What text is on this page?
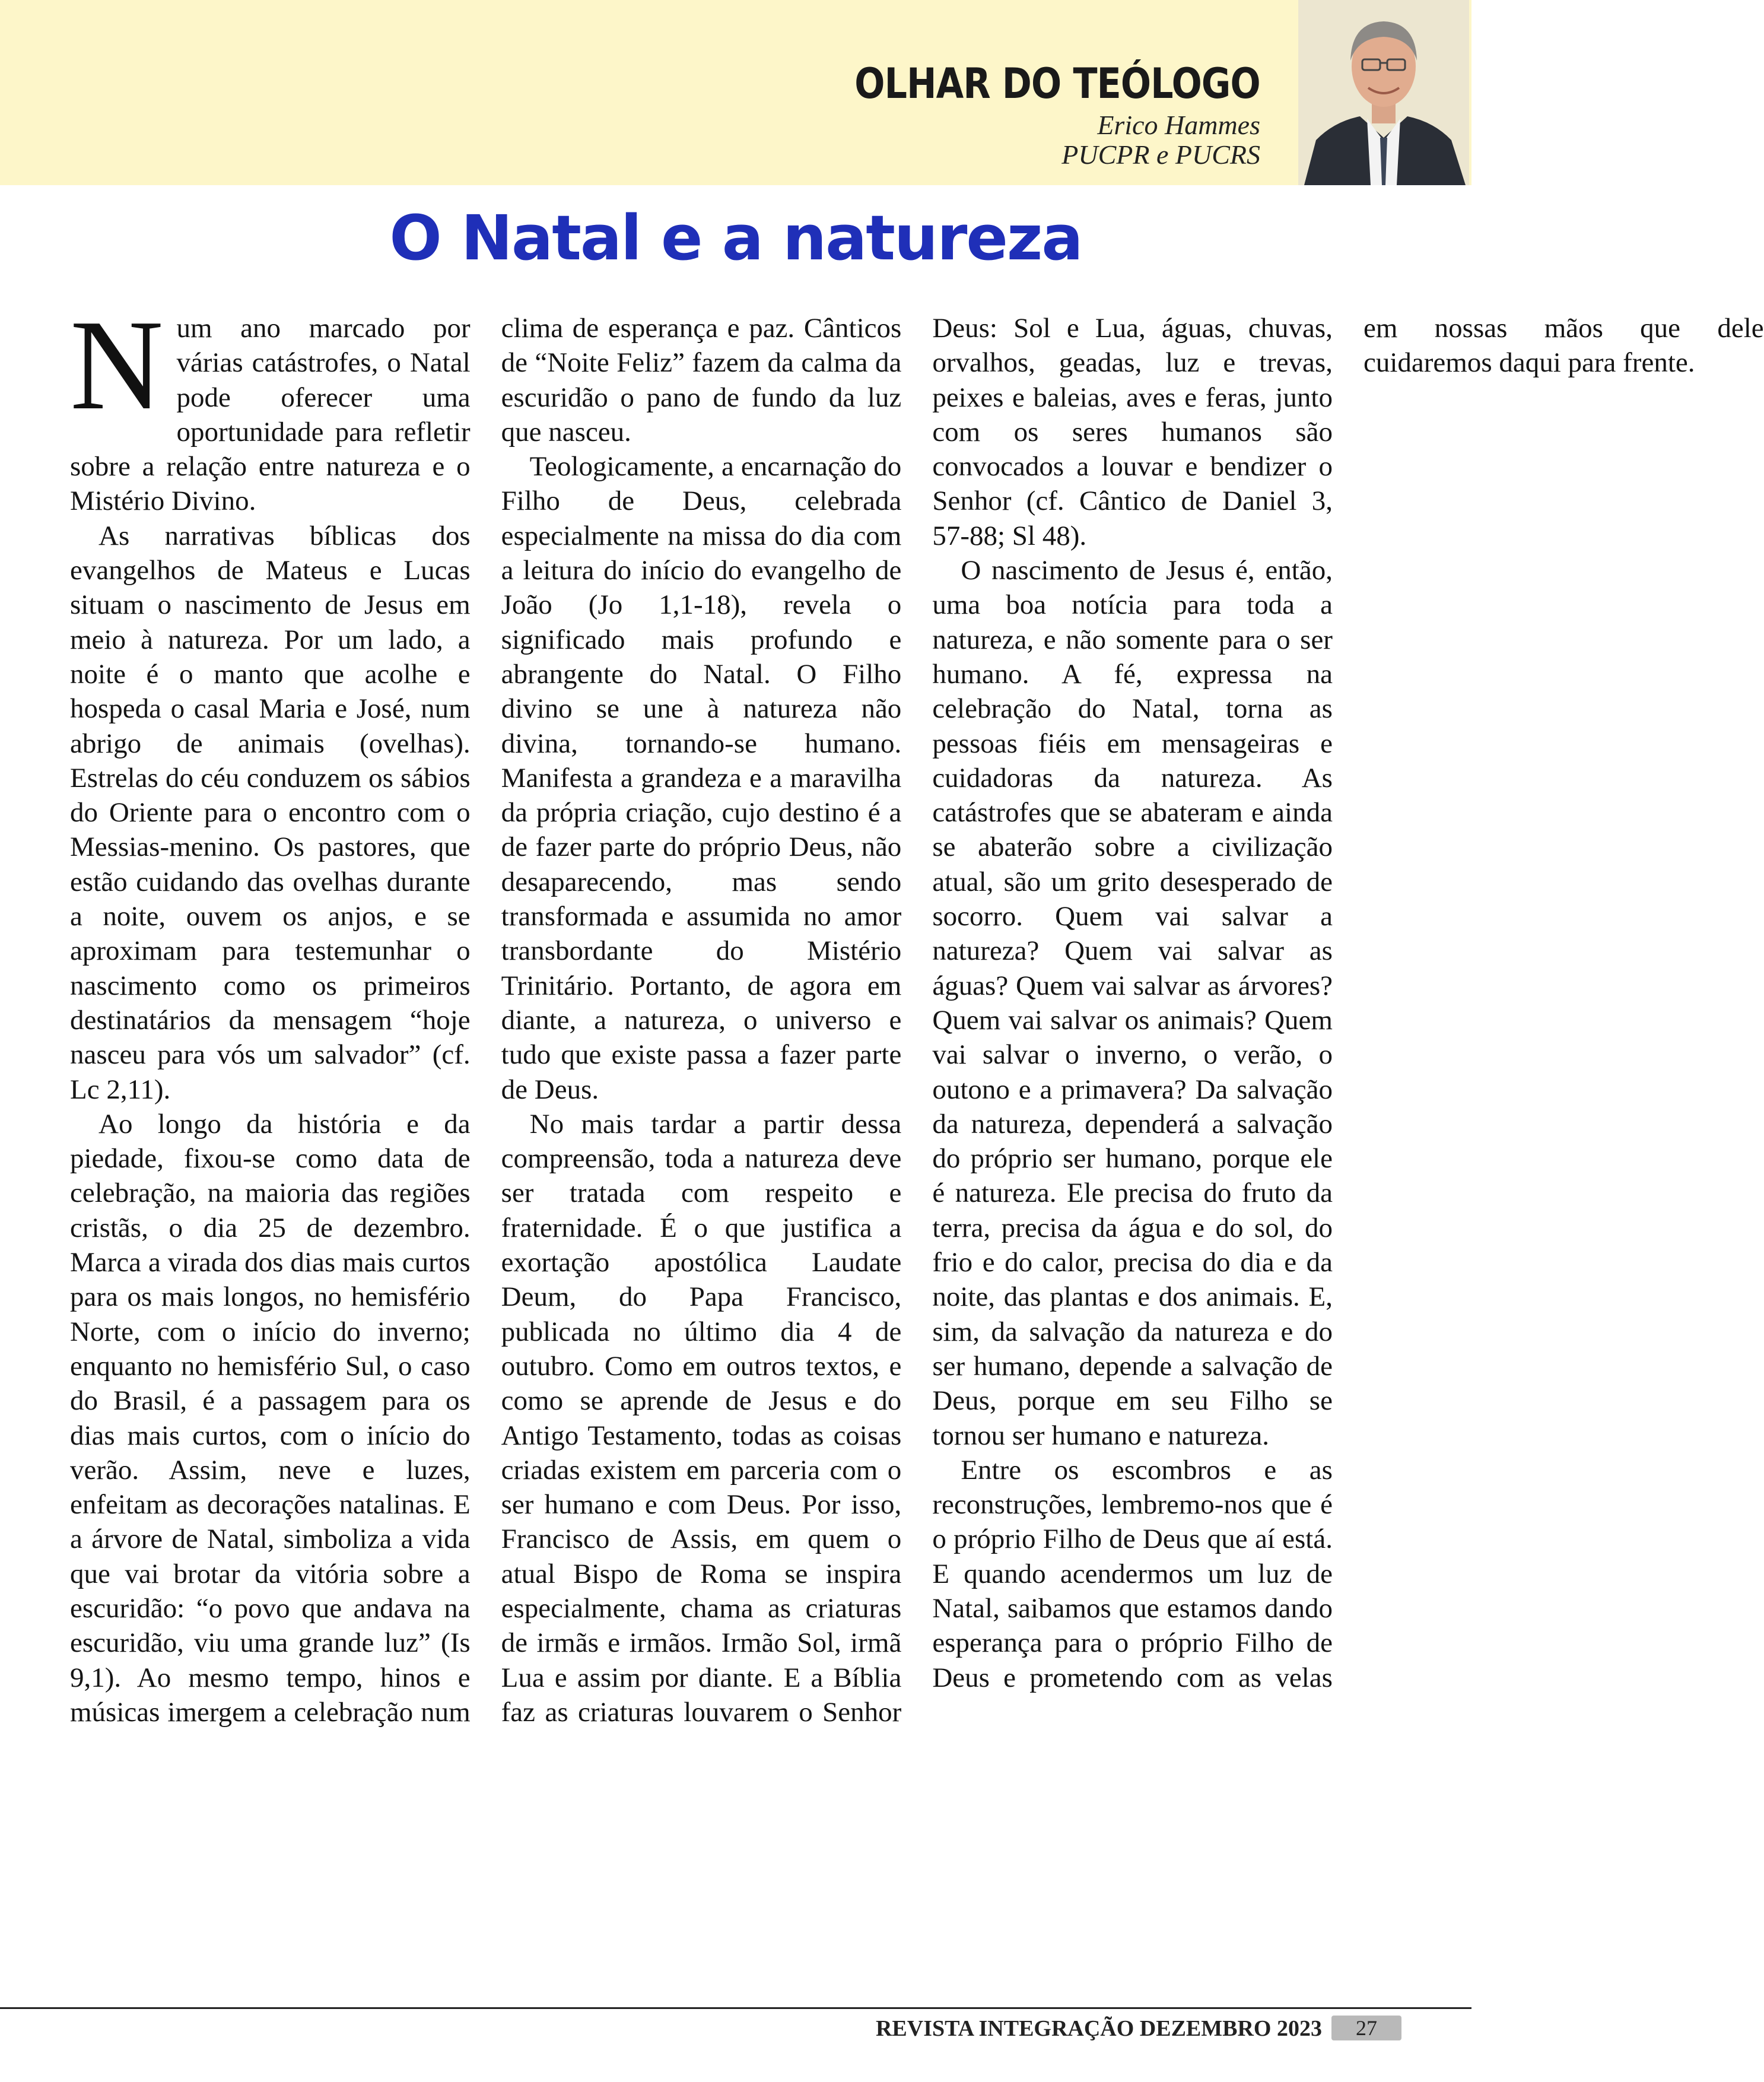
OLHAR DO TEÓLOGO
Erico Hammes
PUCPR e PUCRS
O Natal e a natureza

Num ano marcado por várias catástrofes, o Natal pode oferecer uma oportunidade para refletir sobre a relação entre natureza e o Mistério Divino.

As narrativas bíblicas dos evangelhos de Mateus e Lucas situam o nascimento de Jesus em meio à natureza. Por um lado, a noite é o manto que acolhe e hospeda o casal Maria e José, num abrigo de animais (ovelhas). Estrelas do céu conduzem os sábios do Oriente para o encontro com o Messias-menino. Os pastores, que estão cuidando das ovelhas durante a noite, ouvem os anjos, e se aproximam para testemunhar o nascimento como os primeiros destinatários da mensagem “hoje nasceu para vós um salvador” (cf. Lc 2,11).

Ao longo da história e da piedade, fixou-se como data de celebração, na maioria das regiões cristãs, o dia 25 de dezembro. Marca a virada dos dias mais curtos para os mais longos, no hemisfério Norte, com o início do inverno; enquanto no hemisfério Sul, o caso do Brasil, é a passagem para os dias mais curtos, com o início do verão. Assim, neve e luzes, enfeitam as decorações natalinas. E a árvore de Natal, simboliza a vida que vai brotar da vitória sobre a escuridão: “o povo que andava na escuridão, viu uma grande luz” (Is 9,1). Ao mesmo tempo, hinos e músicas imergem a celebração num clima de esperança e paz. Cânticos de “Noite Feliz” fazem da calma da escuridão o pano de fundo da luz que nasceu.

Teologicamente, a encarnação do Filho de Deus, celebrada especialmente na missa do dia com a leitura do início do evangelho de João (Jo 1,1-18), revela o significado mais profundo e abrangente do Natal. O Filho divino se une à natureza não divina, tornando-se humano. Manifesta a grandeza e a maravilha da própria criação, cujo destino é a de fazer parte do próprio Deus, não desaparecendo, mas sendo transformada e assumida no amor transbordante do Mistério Trinitário. Portanto, de agora em diante, a natureza, o universo e tudo que existe passa a fazer parte de Deus.

No mais tardar a partir dessa compreensão, toda a natureza deve ser tratada com respeito e fraternidade. É o que justifica a exortação apostólica Laudate Deum, do Papa Francisco, publicada no último dia 4 de outubro. Como em outros textos, e como se aprende de Jesus e do Antigo Testamento, todas as coisas criadas existem em parceria com o ser humano e com Deus. Por isso, Francisco de Assis, em quem o atual Bispo de Roma se inspira especialmente, chama as criaturas de irmãs e irmãos. Irmão Sol, irmã Lua e assim por diante. E a Bíblia faz as criaturas louvarem o Senhor Deus: Sol e Lua, águas, chuvas, orvalhos, geadas, luz e trevas, peixes e baleias, aves e feras, junto com os seres humanos são convocados a louvar e bendizer o Senhor (cf. Cântico de Daniel 3, 57-88; Sl 48).

O nascimento de Jesus é, então, uma boa notícia para toda a natureza, e não somente para o ser humano. A fé, expressa na celebração do Natal, torna as pessoas fiéis em mensageiras e cuidadoras da natureza. As catástrofes que se abateram e ainda se abaterão sobre a civilização atual, são um grito desesperado de socorro. Quem vai salvar a natureza? Quem vai salvar as águas? Quem vai salvar as árvores? Quem vai salvar os animais? Quem vai salvar o inverno, o verão, o outono e a primavera? Da salvação da natureza, dependerá a salvação do próprio ser humano, porque ele é natureza. Ele precisa do fruto da terra, precisa da água e do sol, do frio e do calor, precisa do dia e da noite, das plantas e dos animais. E, sim, da salvação da natureza e do ser humano, depende a salvação de Deus, porque em seu Filho se tornou ser humano e natureza.

Entre os escombros e as reconstruções, lembremo-nos que é o próprio Filho de Deus que aí está. E quando acendermos um luz de Natal, saibamos que estamos dando esperança para o próprio Filho de Deus e prometendo com as velas em nossas mãos que dele cuidaremos daqui para frente.

REVISTA INTEGRAÇÃO DEZEMBRO 2023	27
